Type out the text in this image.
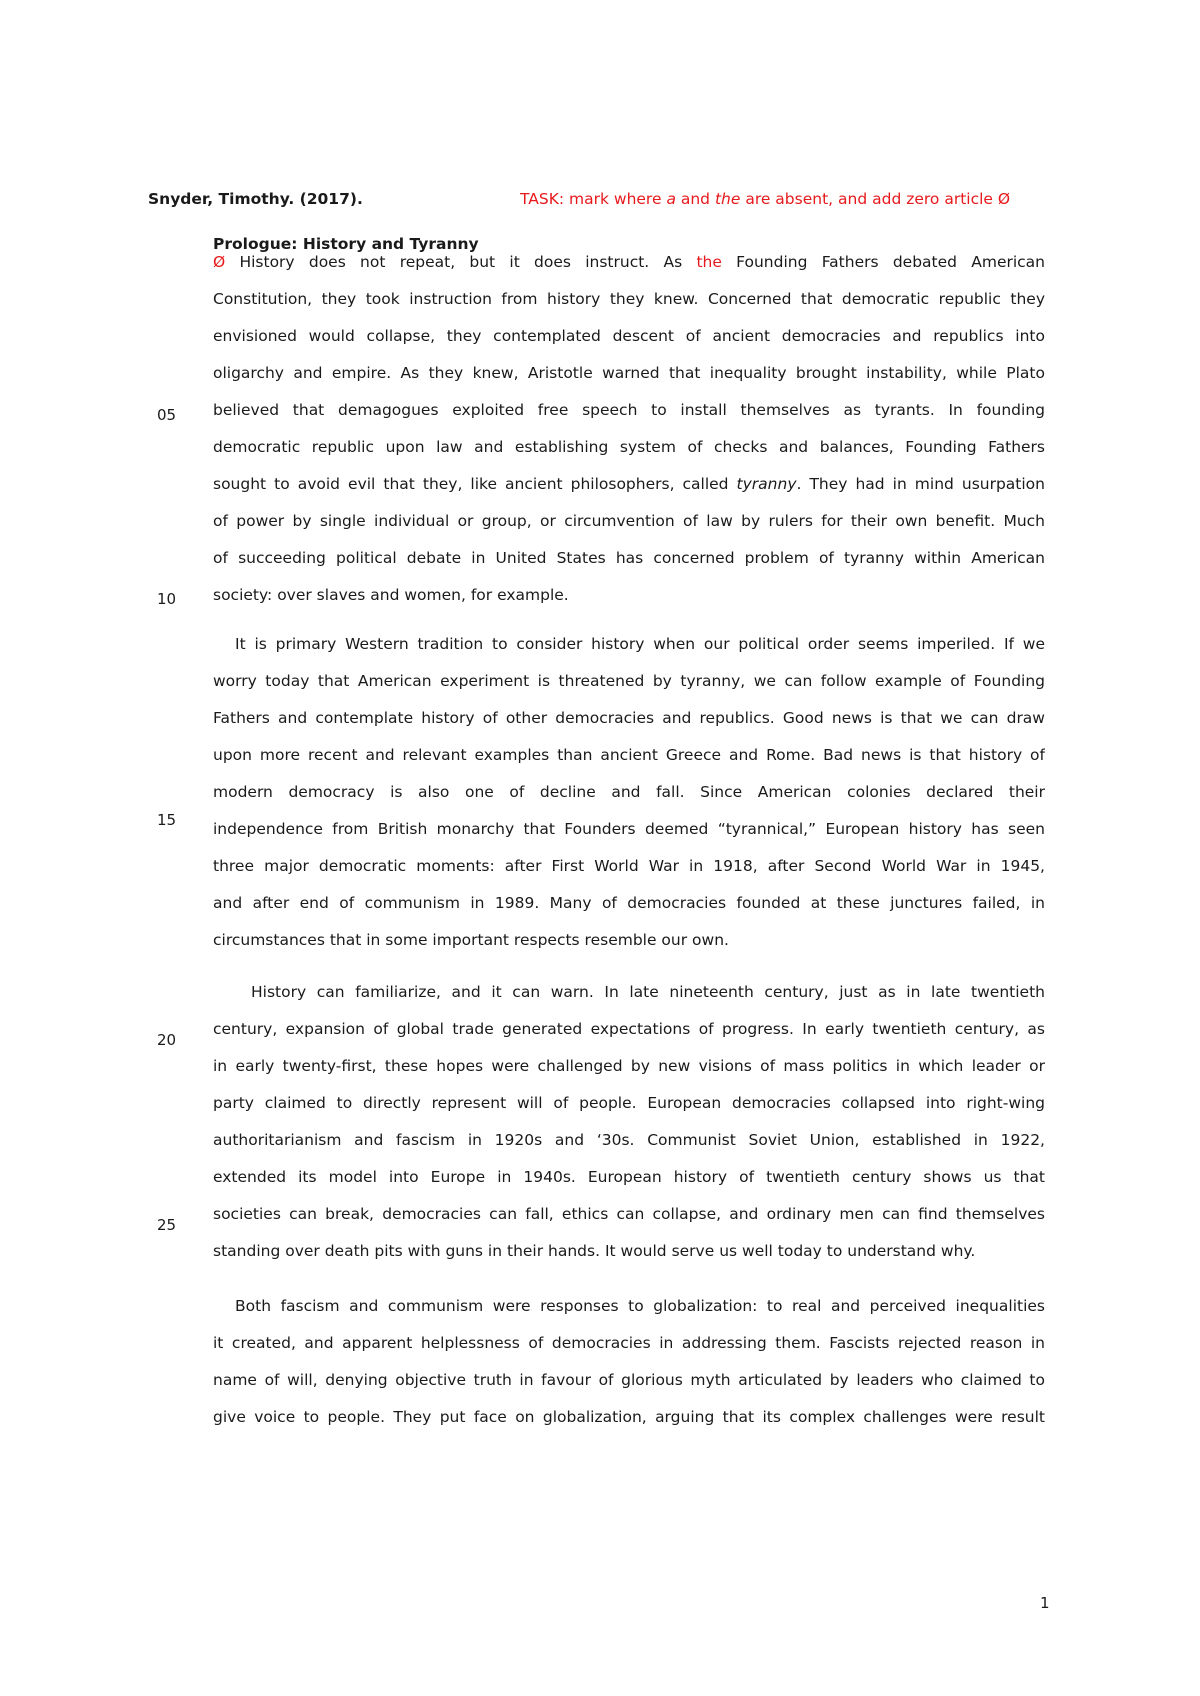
Snyder, Timothy. (2017).	TASK: mark where a and the are absent, and add zero article Ø
Prologue: History and Tyranny
05
10
15
20
25
Ø History does not repeat, but it does instruct. As the Founding Fathers debated American
Constitution, they took instruction from history they knew. Concerned that democratic republic they
envisioned would collapse, they contemplated descent of ancient democracies and republics into
oligarchy and empire. As they knew, Aristotle warned that inequality brought instability, while Plato
believed that demagogues exploited free speech to install themselves as tyrants. In founding
democratic republic upon law and establishing system of checks and balances, Founding Fathers
sought to avoid evil that they, like ancient philosophers, called tyranny. They had in mind usurpation
of power by single individual or group, or circumvention of law by rulers for their own benefit. Much
of succeeding political debate in United States has concerned problem of tyranny within American
society: over slaves and women, for example.
It is primary Western tradition to consider history when our political order seems imperiled. If we
worry today that American experiment is threatened by tyranny, we can follow example of Founding
Fathers and contemplate history of other democracies and republics. Good news is that we can draw
upon more recent and relevant examples than ancient Greece and Rome. Bad news is that history of
modern democracy is also one of decline and fall. Since American colonies declared their
independence from British monarchy that Founders deemed “tyrannical,” European history has seen
three major democratic moments: after First World War in 1918, after Second World War in 1945,
and after end of communism in 1989. Many of democracies founded at these junctures failed, in
circumstances that in some important respects resemble our own.
History can familiarize, and it can warn. In late nineteenth century, just as in late twentieth
century, expansion of global trade generated expectations of progress. In early twentieth century, as
in early twenty-first, these hopes were challenged by new visions of mass politics in which leader or
party claimed to directly represent will of people. European democracies collapsed into right-wing
authoritarianism and fascism in 1920s and ‘30s. Communist Soviet Union, established in 1922,
extended its model into Europe in 1940s. European history of twentieth century shows us that
societies can break, democracies can fall, ethics can collapse, and ordinary men can find themselves
standing over death pits with guns in their hands. It would serve us well today to understand why.
Both fascism and communism were responses to globalization: to real and perceived inequalities
it created, and apparent helplessness of democracies in addressing them. Fascists rejected reason in
name of will, denying objective truth in favour of glorious myth articulated by leaders who claimed to
give voice to people. They put face on globalization, arguing that its complex challenges were result
1
